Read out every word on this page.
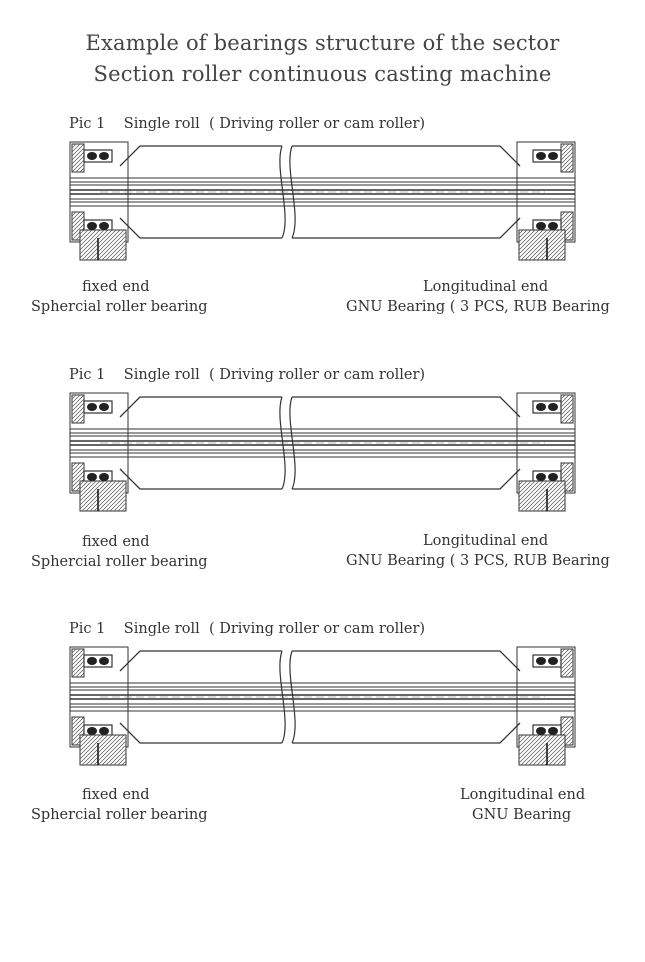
Example of bearings structure of the sector
Section roller continuous casting machine
Pic 1    Single roll  ( Driving roller or cam roller)
fixed end
Sphercial roller bearing
Longitudinal end
GNU Bearing ( 3 PCS, RUB Bearing
Pic 1    Single roll  ( Driving roller or cam roller)
fixed end
Sphercial roller bearing
Longitudinal end
GNU Bearing ( 3 PCS, RUB Bearing
Pic 1    Single roll  ( Driving roller or cam roller)
fixed end
Sphercial roller bearing
Longitudinal end
GNU Bearing
